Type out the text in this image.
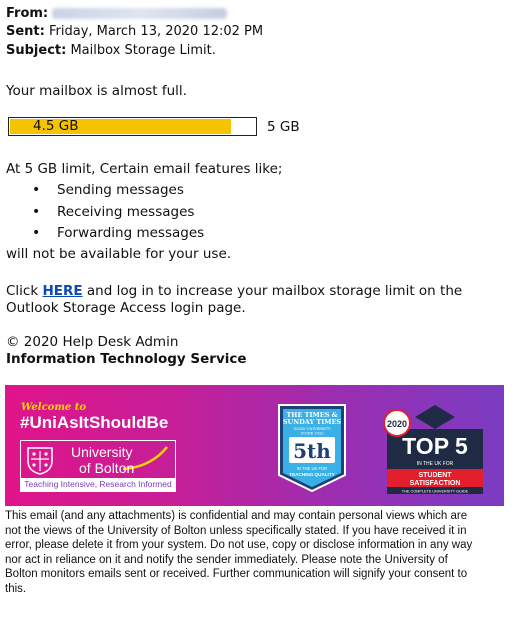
From:
Sent: Friday, March 13, 2020 12:02 PM
Subject: Mailbox Storage Limit.
Your mailbox is almost full.
4.5 GB	5 GB
At 5 GB limit, Certain email features like;
• Sending messages
• Receiving messages
• Forwarding messages
will not be available for your use.
Click HERE and log in to increase your mailbox storage limit on the
Outlook Storage Access login page.
© 2020 Help Desk Admin
Information Technology Service
Welcome to
#UniAsItShouldBe
University
of Bolton
Teaching Intensive, Research Informed
THE TIMES &
SUNDAY TIMES
GOOD UNIVERSITY
GUIDE 2020
5th
IN THE UK FOR
TEACHING QUALITY
2020
TOP 5
IN THE UK FOR
STUDENT
SATISFACTION
THE COMPLETE UNIVERSITY GUIDE
This email (and any attachments) is confidential and may contain personal views which are
not the views of the University of Bolton unless specifically stated. If you have received it in
error, please delete it from your system. Do not use, copy or disclose information in any way
nor act in reliance on it and notify the sender immediately. Please note the University of
Bolton monitors emails sent or received. Further communication will signify your consent to
this.
